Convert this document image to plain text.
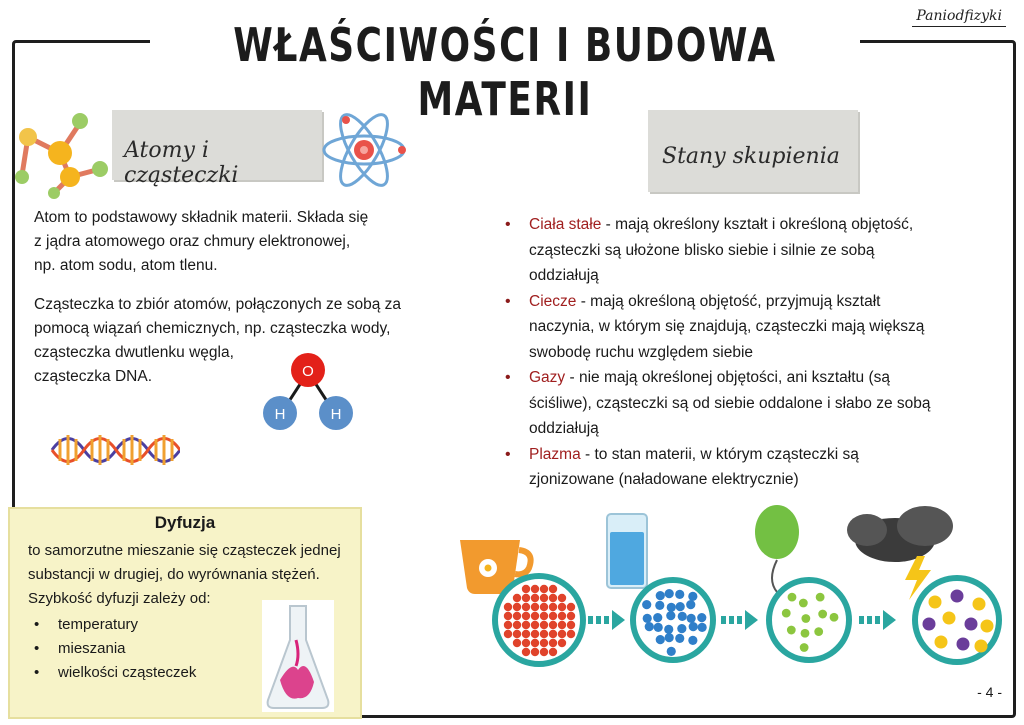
WŁAŚCIWOŚCI I BUDOWA MATERII
Paniodfizyki
Atomy i cząsteczki
Stany skupienia
Atom to podstawowy składnik materii. Składa się
z jądra atomowego oraz chmury elektronowej,
np. atom sodu, atom tlenu.
Cząsteczka to zbiór atomów, połączonych ze sobą za
pomocą wiązań chemicznych, np. cząsteczka wody,
cząsteczka dwutlenku węgla,
cząsteczka DNA.	O
H	H
• Ciała stałe - mają określony kształt i określoną objętość,
cząsteczki są ułożone blisko siebie i silnie ze sobą
oddziałują
• Ciecze - mają określoną objętość, przyjmują kształt
naczynia, w którym się znajdują, cząsteczki mają większą
swobodę ruchu względem siebie
• Gazy - nie mają określonej objętości, ani kształtu (są
ściśliwe), cząsteczki są od siebie oddalone i słabo ze sobą
oddziałują
• Plazma - to stan materii, w którym cząsteczki są
zjonizowane (naładowane elektrycznie)
Dyfuzja
to samorzutne mieszanie się cząsteczek jednej
substancji w drugiej, do wyrównania stężeń.
Szybkość dyfuzji zależy od:
• temperatury
• mieszania
• wielkości cząsteczek
- 4 -
